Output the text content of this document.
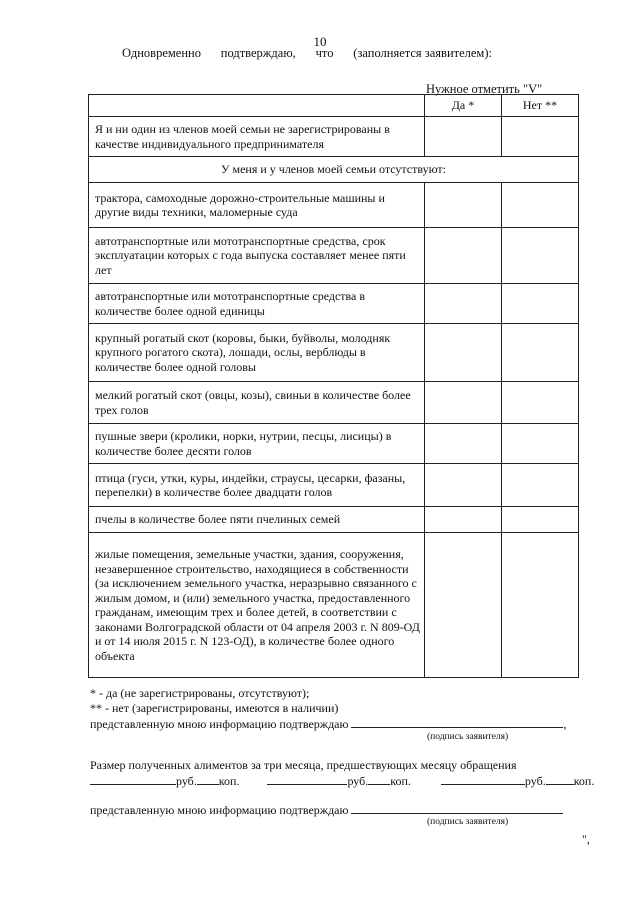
10
Одновременно подтверждаю, что (заполняется заявителем):
Нужное отметить "V"
	Да *	Нет **
Я и ни один из членов моей семьи не зарегистрированы в качестве индивидуального предпринимателя		
У меня и у членов моей семьи отсутствуют:		
трактора, самоходные дорожно-строительные машины и другие виды техники, маломерные суда		
автотранспортные или мототранспортные средства, срок эксплуатации которых с года выпуска составляет менее пяти лет		
автотранспортные или мототранспортные средства в количестве более одной единицы		
крупный рогатый скот (коровы, быки, буйволы, молодняк крупного рогатого скота), лошади, ослы, верблюды в количестве более одной головы		
мелкий рогатый скот (овцы, козы), свиньи в количестве более трех голов		
пушные звери (кролики, норки, нутрии, песцы, лисицы) в количестве более десяти голов		
птица (гуси, утки, куры, индейки, страусы, цесарки, фазаны, перепелки) в количестве более двадцати голов		
пчелы в количестве более пяти пчелиных семей		
жилые помещения, земельные участки, здания, сооружения, незавершенное строительство, находящиеся в собственности (за исключением земельного участка, неразрывно связанного с жилым домом, и (или) земельного участка, предоставленного гражданам, имеющим трех и более детей, в соответствии с законами Волгоградской области от 04 апреля 2003 г. N 809-ОД и от 14 июля 2015 г. N 123-ОД), в количестве более одного объекта		
* - да (не зарегистрированы, отсутствуют);
** - нет (зарегистрированы, имеются в наличии)
представленную мною информацию подтверждаю	,
(подпись заявителя)
Размер полученных алиментов за три месяца, предшествующих месяцу обращения
руб. коп.	руб. коп.	руб. коп.
представленную мною информацию подтверждаю
(подпись заявителя)
",
